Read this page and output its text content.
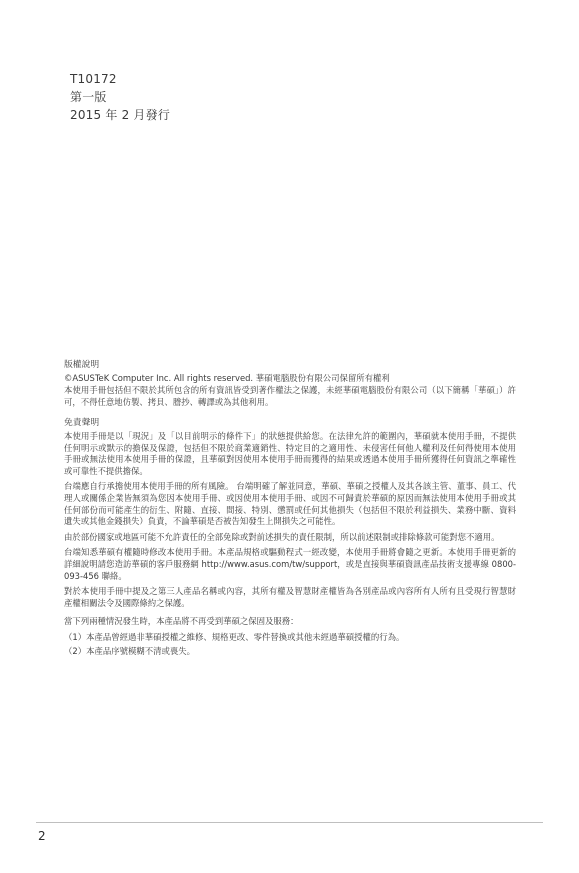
T10172
第一版
2015 年 2 月發行
版權說明
©ASUSTeK Computer Inc. All rights reserved. 華碩電腦股份有限公司保留所有權利

本使用手冊包括但不限於其所包含的所有資訊皆受到著作權法之保護，未經華碩電腦股份有限公司（以下簡稱「華碩」）許可，不得任意地仿製、拷貝、謄抄、轉譯或為其他利用。

免責聲明

本使用手冊是以「現況」及「以目前明示的條件下」的狀態提供給您。在法律允許的範圍內，華碩就本使用手冊，不提供任何明示或默示的擔保及保證，包括但不限於商業適銷性、特定目的之適用性、未侵害任何他人權利及任何得使用本使用手冊或無法使用本使用手冊的保證，且華碩對因使用本使用手冊而獲得的結果或透過本使用手冊所獲得任何資訊之準確性或可靠性不提供擔保。

台端應自行承擔使用本使用手冊的所有風險。 台端明確了解並同意，華碩、華碩之授權人及其各該主管、董事、員工、代理人或關係企業皆無須為您因本使用手冊、或因使用本使用手冊、或因不可歸責於華碩的原因而無法使用本使用手冊或其任何部份而可能產生的衍生、附隨、直接、間接、特別、懲罰或任何其他損失（包括但不限於利益損失、業務中斷、資料遺失或其他金錢損失）負責，不論華碩是否被告知發生上開損失之可能性。

由於部份國家或地區可能不允許責任的全部免除或對前述損失的責任限制，所以前述限制或排除條款可能對您不適用。

台端知悉華碩有權隨時修改本使用手冊。本產品規格或驅動程式一經改變，本使用手冊將會隨之更新。本使用手冊更新的詳細說明請您造訪華碩的客戶服務網 http://www.asus.com/tw/support，或是直接與華碩資訊產品技術支援專線 0800-093-456 聯絡。

對於本使用手冊中提及之第三人產品名稱或內容，其所有權及智慧財產權皆為各別產品或內容所有人所有且受現行智慧財產權相關法令及國際條約之保護。

當下列兩種情況發生時，本產品將不再受到華碩之保固及服務：

（1） 本產品曾經過非華碩授權之維修、規格更改、零件替換或其他未經過華碩授權的行為。
（2） 本產品序號模糊不清或喪失。
2
